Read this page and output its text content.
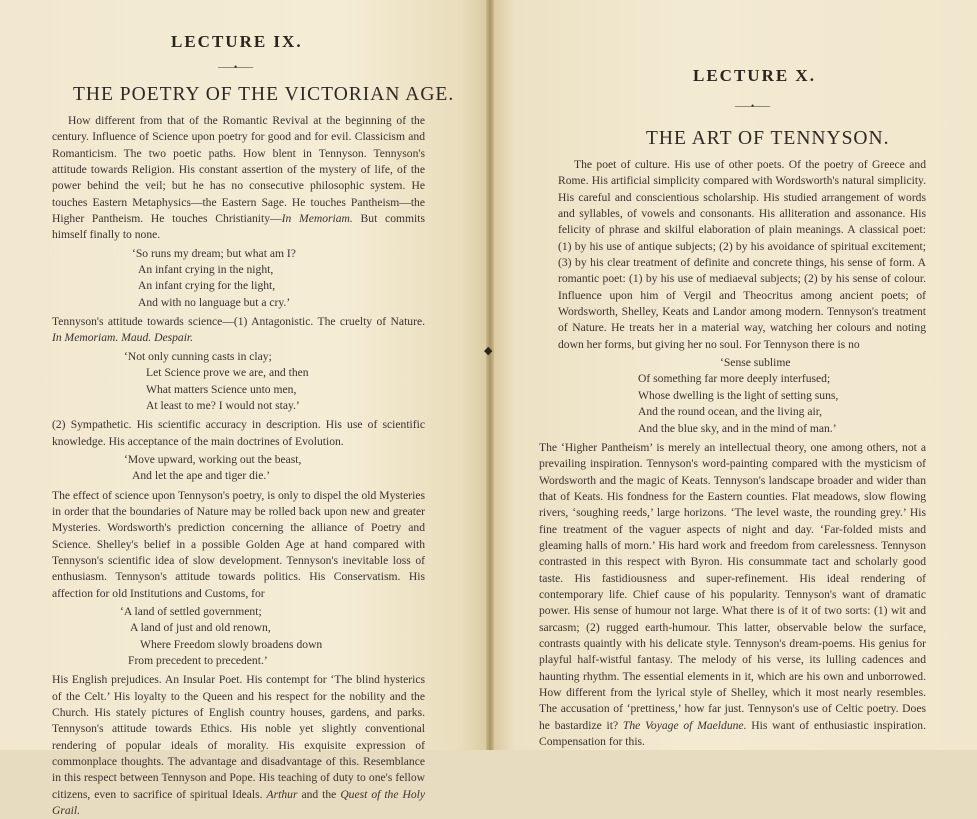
◆
LECTURE IX.
——•——
THE POETRY OF THE VICTORIAN AGE.

How different from that of the Romantic Revival at the beginning of the century. Influence of Science upon poetry for good and for evil. Classicism and Romanticism. The two poetic paths. How blent in Tennyson. Tennyson's attitude towards Religion. His constant assertion of the mystery of life, of the power behind the veil; but he has no consecutive philosophic system. He touches Eastern Metaphysics—the Eastern Sage. He touches Pantheism—the Higher Pantheism. He touches Christianity—In Memoriam. But commits himself finally to none.

‘So runs my dream; but what am I?
An infant crying in the night,
An infant crying for the light,
And with no language but a cry.’

Tennyson's attitude towards science—(1) Antagonistic. The cruelty of Nature. In Memoriam. Maud. Despair.

‘Not only cunning casts in clay;
Let Science prove we are, and then
What matters Science unto men,
At least to me? I would not stay.’

(2) Sympathetic. His scientific accuracy in description. His use of scientific knowledge. His acceptance of the main doctrines of Evolution.

‘Move upward, working out the beast,
And let the ape and tiger die.’

The effect of science upon Tennyson's poetry, is only to dispel the old Mysteries in order that the boundaries of Nature may be rolled back upon new and greater Mysteries. Wordsworth's prediction concerning the alliance of Poetry and Science. Shelley's belief in a possible Golden Age at hand compared with Tennyson's scientific idea of slow development. Tennyson's inevitable loss of enthusiasm. Tennyson's attitude towards politics. His Conservatism. His affection for old Institutions and Customs, for

‘A land of settled government;
A land of just and old renown,
Where Freedom slowly broadens down
From precedent to precedent.’

His English prejudices. An Insular Poet. His contempt for ‘The blind hysterics of the Celt.’ His loyalty to the Queen and his respect for the nobility and the Church. His stately pictures of English country houses, gardens, and parks. Tennyson's attitude towards Ethics. His noble yet slightly conventional rendering of popular ideals of morality. His exquisite expression of commonplace thoughts. The advantage and disadvantage of this. Resemblance in this respect between Tennyson and Pope. His teaching of duty to one's fellow citizens, even to sacrifice of spiritual Ideals. Arthur and the Quest of the Holy Grail.

LECTURE X.
——•——
THE ART OF TENNYSON.

The poet of culture. His use of other poets. Of the poetry of Greece and Rome. His artificial simplicity compared with Wordsworth's natural simplicity. His careful and conscientious scholarship. His studied arrangement of words and syllables, of vowels and consonants. His alliteration and assonance. His felicity of phrase and skilful elaboration of plain meanings. A classical poet: (1) by his use of antique subjects; (2) by his avoidance of spiritual excitement; (3) by his clear treatment of definite and concrete things, his sense of form. A romantic poet: (1) by his use of mediaeval subjects; (2) by his sense of colour. Influence upon him of Vergil and Theocritus among ancient poets; of Wordsworth, Shelley, Keats and Landor among modern. Tennyson's treatment of Nature. He treats her in a material way, watching her colours and noting down her forms, but giving her no soul. For Tennyson there is no

‘Sense sublime
Of something far more deeply interfused;
Whose dwelling is the light of setting suns,
And the round ocean, and the living air,
And the blue sky, and in the mind of man.’

The ‘Higher Pantheism’ is merely an intellectual theory, one among others, not a prevailing inspiration. Tennyson's word-painting compared with the mysticism of Wordsworth and the magic of Keats. Tennyson's landscape broader and wider than that of Keats. His fondness for the Eastern counties. Flat meadows, slow flowing rivers, ‘soughing reeds,’ large horizons. ‘The level waste, the rounding grey.’ His fine treatment of the vaguer aspects of night and day. ‘Far-folded mists and gleaming halls of morn.’ His hard work and freedom from carelessness. Tennyson contrasted in this respect with Byron. His consummate tact and scholarly good taste. His fastidiousness and super-refinement. His ideal rendering of contemporary life. Chief cause of his popularity. Tennyson's want of dramatic power. His sense of humour not large. What there is of it of two sorts: (1) wit and sarcasm; (2) rugged earth-humour. This latter, observable below the surface, contrasts quaintly with his delicate style. Tennyson's dream-poems. His genius for playful half-wistful fantasy. The melody of his verse, its lulling cadences and haunting rhythm. The essential elements in it, which are his own and unborrowed. How different from the lyrical style of Shelley, which it most nearly resembles. The accusation of ‘prettiness,’ how far just. Tennyson's use of Celtic poetry. Does he bastardize it? The Voyage of Maeldune. His want of enthusiastic inspiration. Compensation for this.
